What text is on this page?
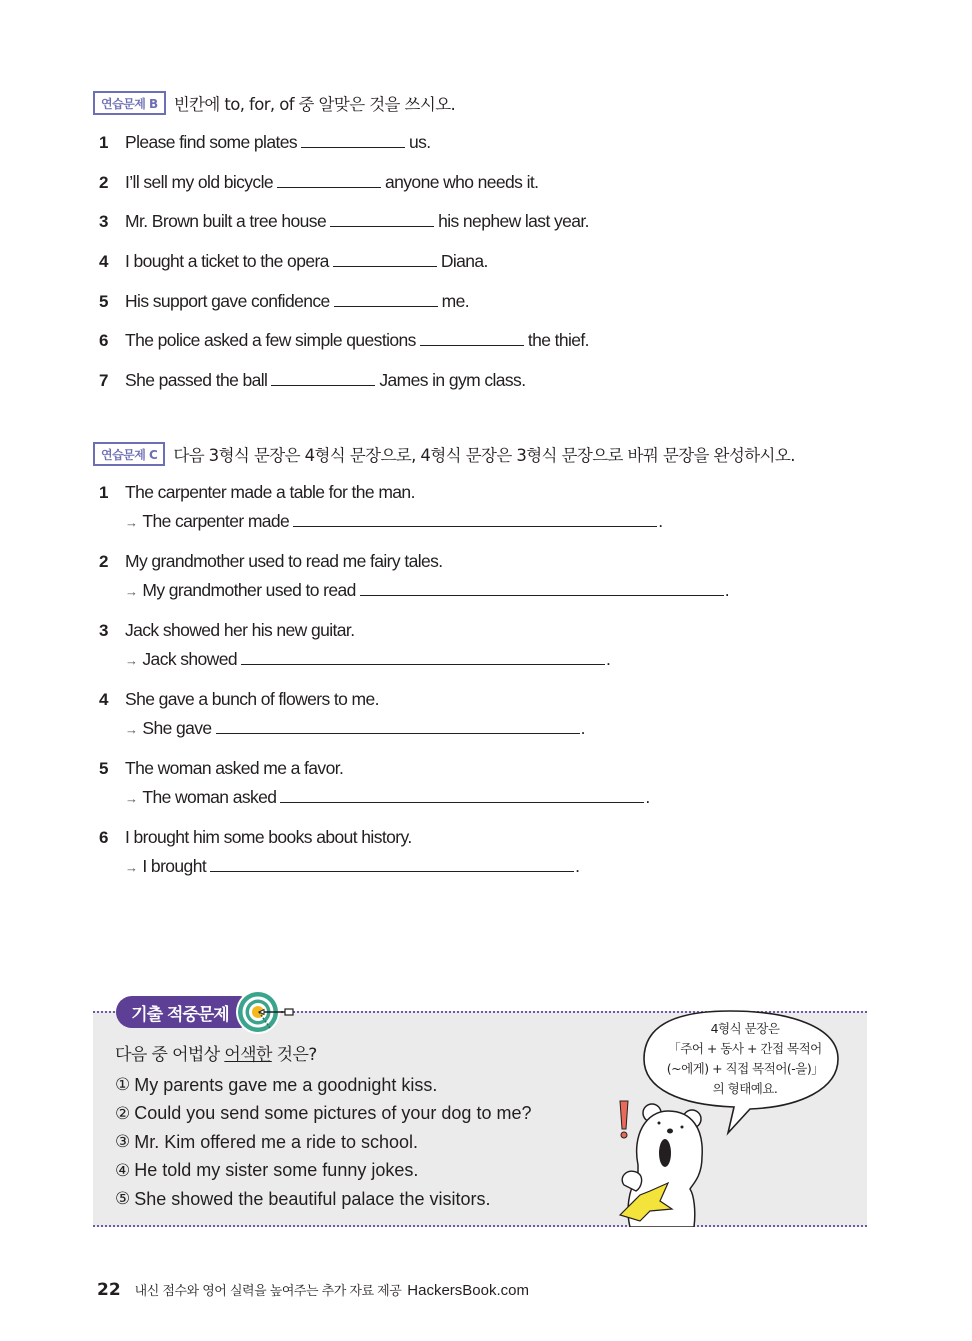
연습문제 B 빈칸에 to, for, of 중 알맞은 것을 쓰시오.
1 Please find some plates	us.
2 I’ll sell my old bicycle	anyone who needs it.
3 Mr. Brown built a tree house	his nephew last year.
4 I bought a ticket to the opera	Diana.
5 His support gave confidence	me.
6 The police asked a few simple questions	the thief.
7 She passed the ball	James in gym class.
연습문제 C 다음 3형식 문장은 4형식 문장으로, 4형식 문장은 3형식 문장으로 바꿔 문장을 완성하시오.
1 The carpenter made a table for the man.
→ The carpenter made	.
2 My grandmother used to read me fairy tales.
→ My grandmother used to read	.
3 Jack showed her his new guitar.
→ Jack showed	.
4 She gave a bunch of flowers to me.
→ She gave	.
5 The woman asked me a favor.
→ The woman asked	.
6 I brought him some books about history.
→ I brought	.
기출 적중문제
다음 중 어법상 어색한 것은?
① My parents gave me a goodnight kiss.
② Could you send some pictures of your dog to me?
③ Mr. Kim offered me a ride to school.
④ He told my sister some funny jokes.
⑤ She showed the beautiful palace the visitors.
4형식 문장은
「주어 + 동사 + 간접 목적어
(~에게) + 직접 목적어(-을)」
의 형태예요.
22 내신 점수와 영어 실력을 높여주는 추가 자료 제공 HackersBook.com
